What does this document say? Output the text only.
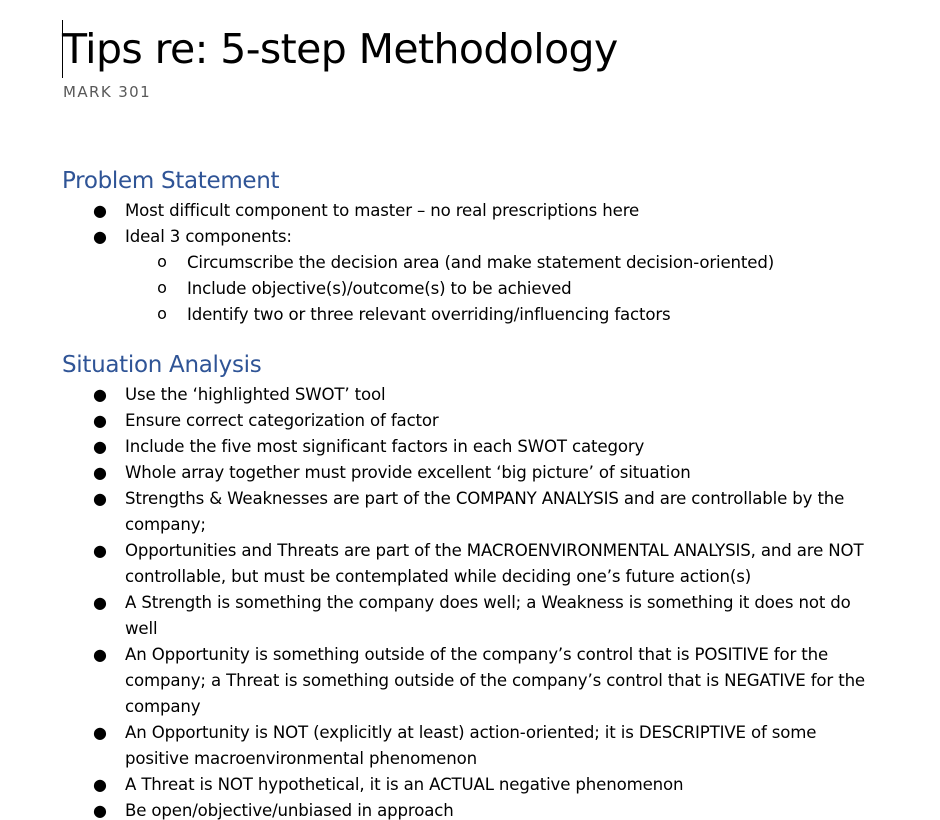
Tips re: 5-step Methodology
MARK 301
Problem Statement
● Most difficult component to master – no real prescriptions here
● Ideal 3 components:
o Circumscribe the decision area (and make statement decision-oriented)
o Include objective(s)/outcome(s) to be achieved
o Identify two or three relevant overriding/influencing factors
Situation Analysis
● Use the ‘highlighted SWOT’ tool
● Ensure correct categorization of factor
● Include the five most significant factors in each SWOT category
● Whole array together must provide excellent ‘big picture’ of situation
● Strengths & Weaknesses are part of the COMPANY ANALYSIS and are controllable by the company;
● Opportunities and Threats are part of the MACROENVIRONMENTAL ANALYSIS, and are NOT controllable, but must be contemplated while deciding one’s future action(s)
● A Strength is something the company does well; a Weakness is something it does not do well
● An Opportunity is something outside of the company’s control that is POSITIVE for the company; a Threat is something outside of the company’s control that is NEGATIVE for the company
● An Opportunity is NOT (explicitly at least) action-oriented; it is DESCRIPTIVE of some positive macroenvironmental phenomenon
● A Threat is NOT hypothetical, it is an ACTUAL negative phenomenon
● Be open/objective/unbiased in approach
